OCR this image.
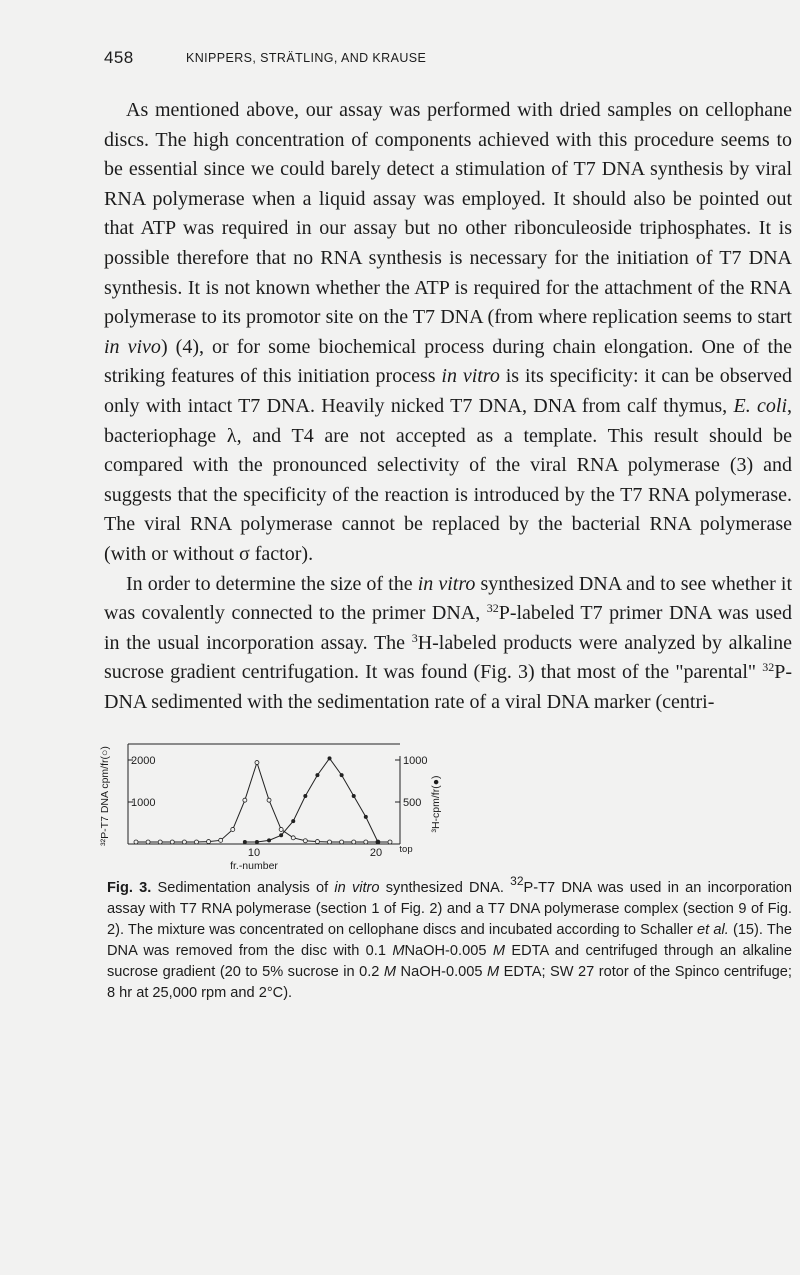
458	KNIPPERS, STRÄTLING, AND KRAUSE

As mentioned above, our assay was performed with dried samples on cellophane discs. The high concentration of components achieved with this procedure seems to be essential since we could barely detect a stimulation of T7 DNA synthesis by viral RNA polymerase when a liquid assay was employed. It should also be pointed out that ATP was required in our assay but no other ribonculeoside triphosphates. It is possible therefore that no RNA synthesis is necessary for the initiation of T7 DNA synthesis. It is not known whether the ATP is required for the attachment of the RNA polymerase to its promotor site on the T7 DNA (from where replication seems to start in vivo) (4), or for some biochemical process during chain elongation. One of the striking features of this initiation process in vitro is its specificity: it can be observed only with intact T7 DNA. Heavily nicked T7 DNA, DNA from calf thymus, E. coli, bacteriophage λ, and T4 are not accepted as a template. This result should be compared with the pronounced selectivity of the viral RNA polymerase (3) and suggests that the specificity of the reaction is introduced by the T7 RNA polymerase. The viral RNA polymerase cannot be replaced by the bacterial RNA polymerase (with or without σ factor).

In order to determine the size of the in vitro synthesized DNA and to see whether it was covalently connected to the primer DNA, $^{32}$P-labeled T7 primer DNA was used in the usual incorporation assay. The $^3$H-labeled products were analyzed by alkaline sucrose gradient centrifugation. It was found (Fig. 3) that most of the "parental" $^{32}$P-DNA sedimented with the sedimentation rate of a viral DNA marker (centri-

2000
1000
1000
500
³²P-T7 DNA cpm/fr(○)	³H-cpm/fr(●)
10	20
fr.-number
top
Fig. 3. Sedimentation analysis of in vitro synthesized DNA. $^{32}$P-T7 DNA was used in an incorporation assay with T7 RNA polymerase (section 1 of Fig. 2) and a T7 DNA polymerase complex (section 9 of Fig. 2). The mixture was concentrated on cellophane discs and incubated according to Schaller et al. (15). The DNA was removed from the disc with 0.1 MNaOH-0.005 M EDTA and centrifuged through an alkaline sucrose gradient (20 to 5% sucrose in 0.2 M NaOH-0.005 M EDTA; SW 27 rotor of the Spinco centrifuge; 8 hr at 25,000 rpm and 2°C).
